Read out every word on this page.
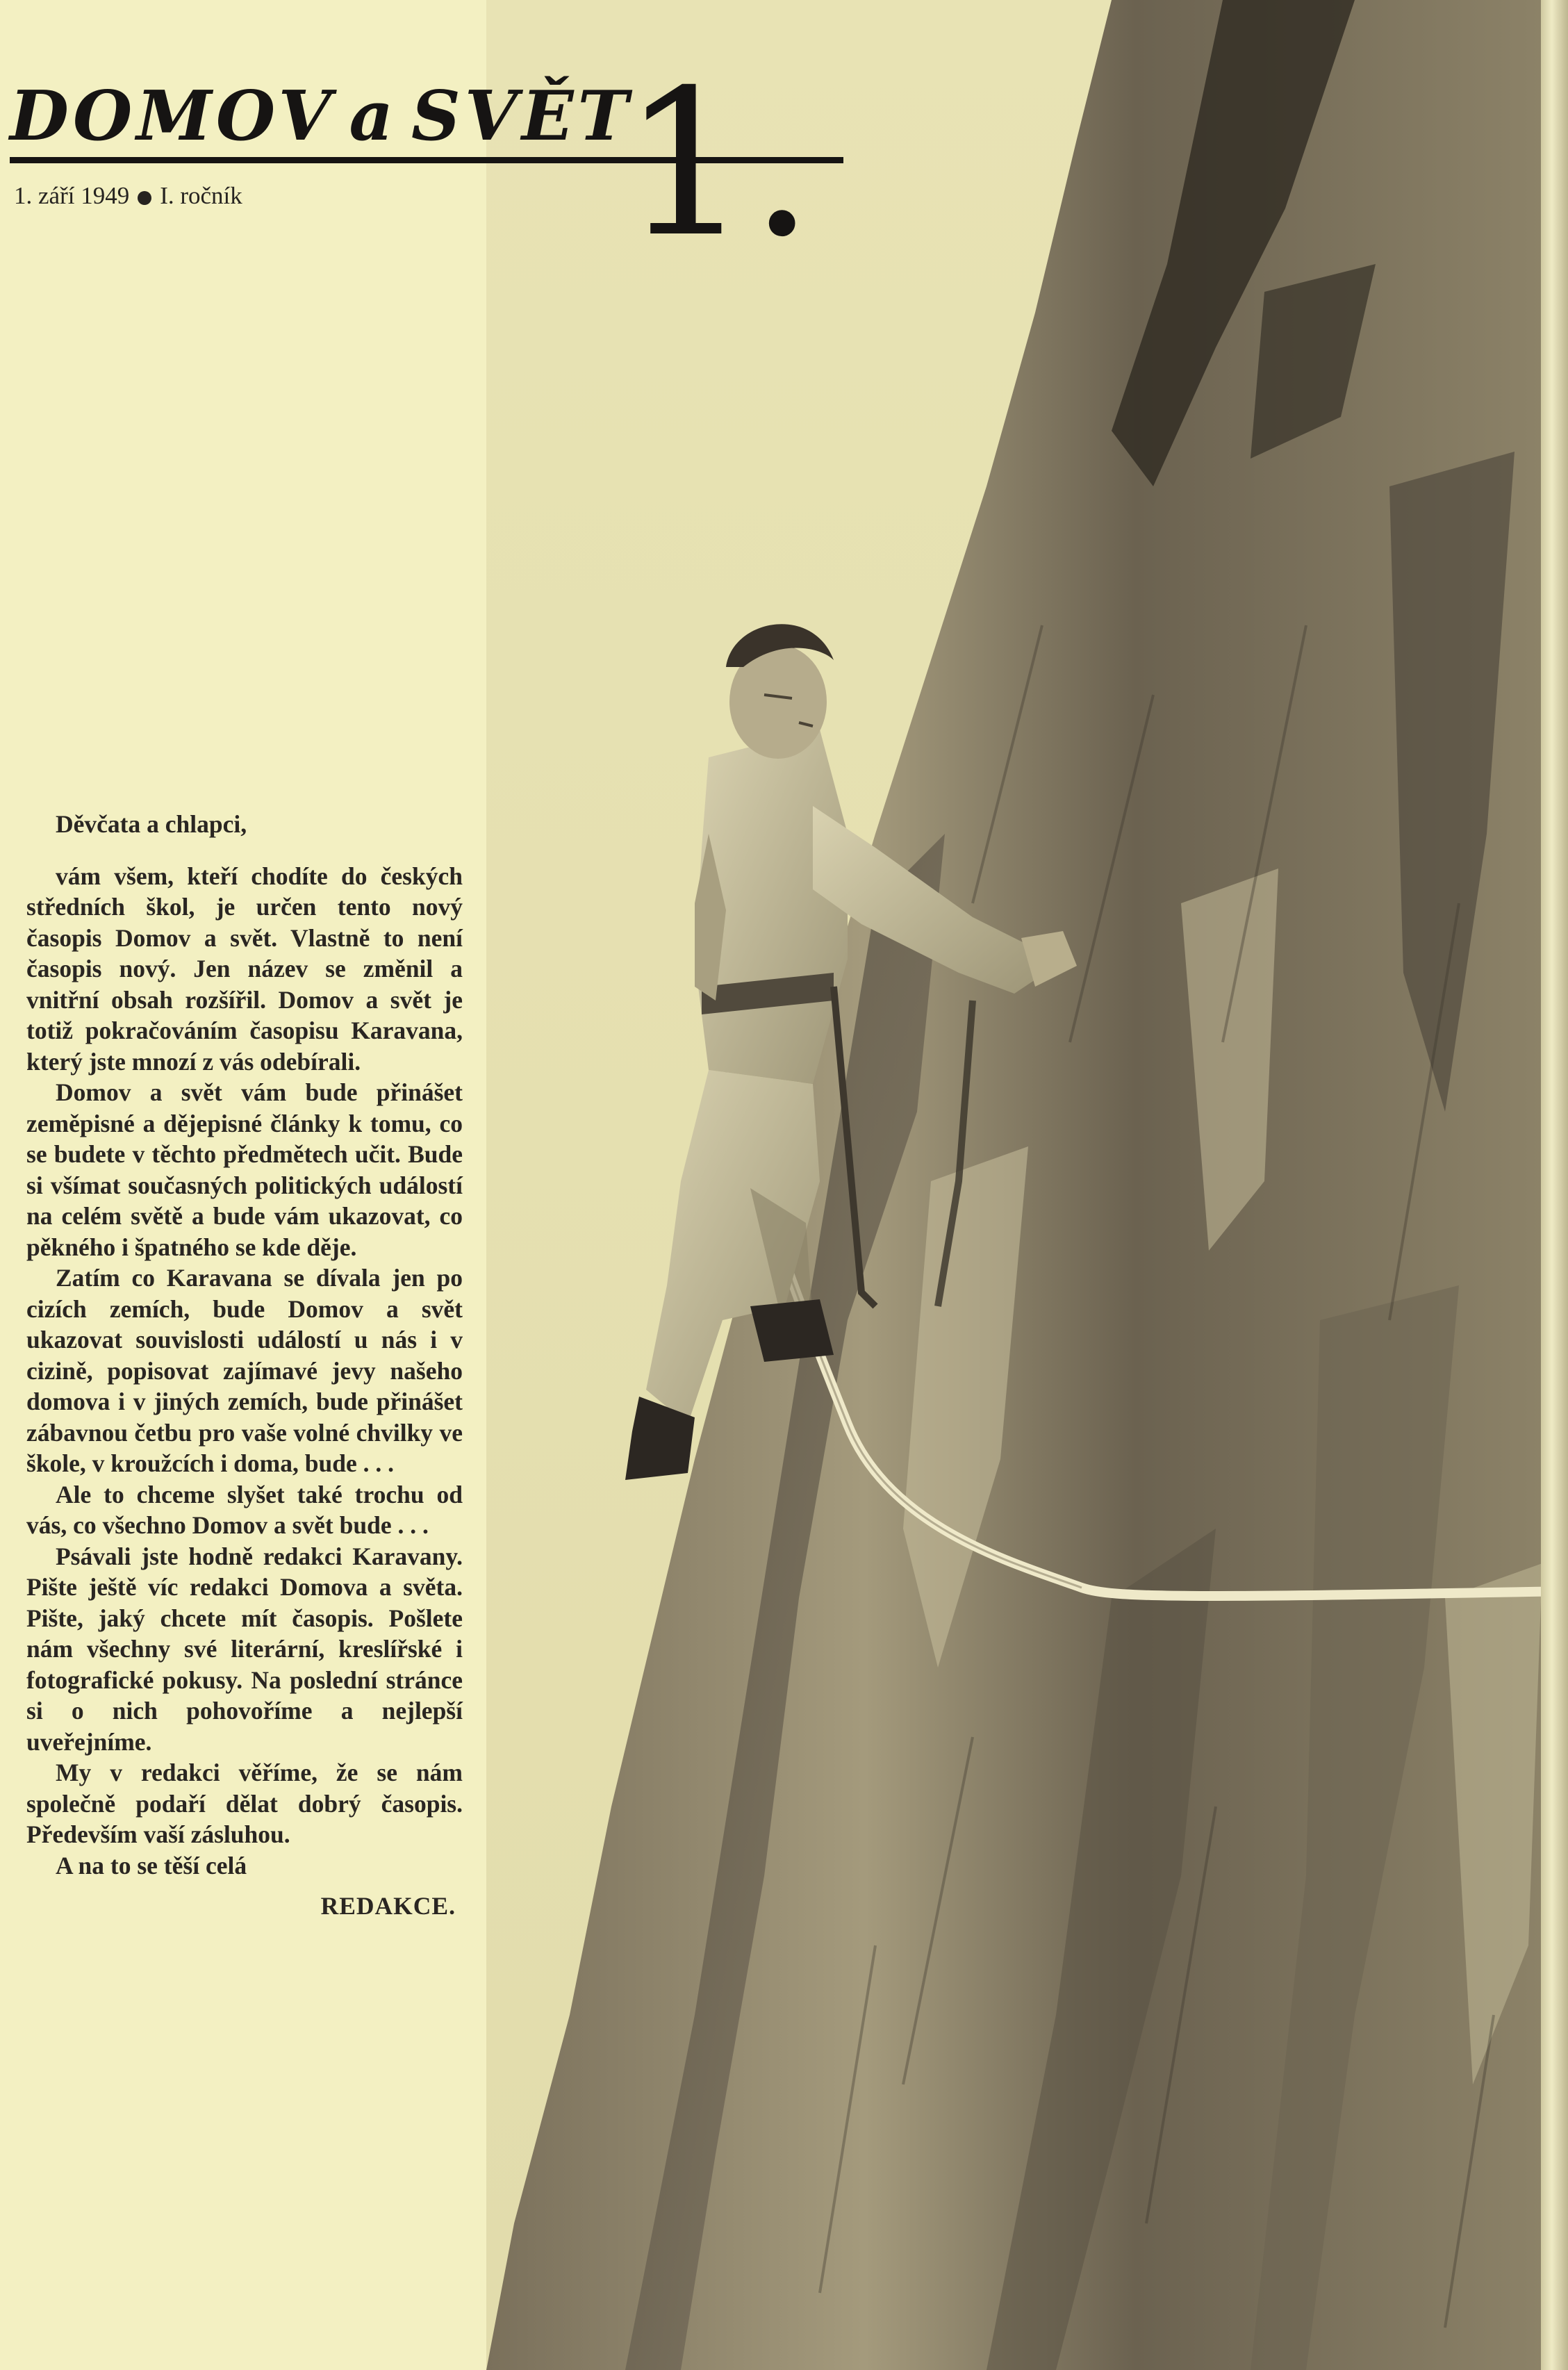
DOMOV a SVĚT
1.
1. září 1949 I. ročník
Děvčata a chlapci,

vám všem, kteří chodíte do českých středních škol, je určen tento nový časopis Domov a svět. Vlastně to není časopis nový. Jen název se změnil a vnitřní obsah rozšířil. Domov a svět je totiž pokračováním časopisu Karavana, který jste mnozí z vás odebírali.

Domov a svět vám bude přinášet zeměpisné a dějepisné články k tomu, co se budete v těchto předmětech učit. Bude si všímat současných politických událostí na celém světě a bude vám ukazovat, co pěkného i špatného se kde děje.

Zatím co Karavana se dívala jen po cizích zemích, bude Domov a svět ukazovat souvislosti událostí u nás i v cizině, popisovat zajímavé jevy našeho domova i v jiných zemích, bude přinášet zábavnou četbu pro vaše volné chvilky ve škole, v kroužcích i doma, bude . . .

Ale to chceme slyšet také trochu od vás, co všechno Domov a svět bude . . .

Psávali jste hodně redakci Karavany. Pište ještě víc redakci Domova a světa. Pište, jaký chcete mít časopis. Pošlete nám všechny své literární, kreslířské i fotografické pokusy. Na poslední stránce si o nich pohovoříme a nejlepší uveřejníme.

My v redakci věříme, že se nám společně podaří dělat dobrý časopis. Především vaší zásluhou.

A na to se těší celá
REDAKCE.
